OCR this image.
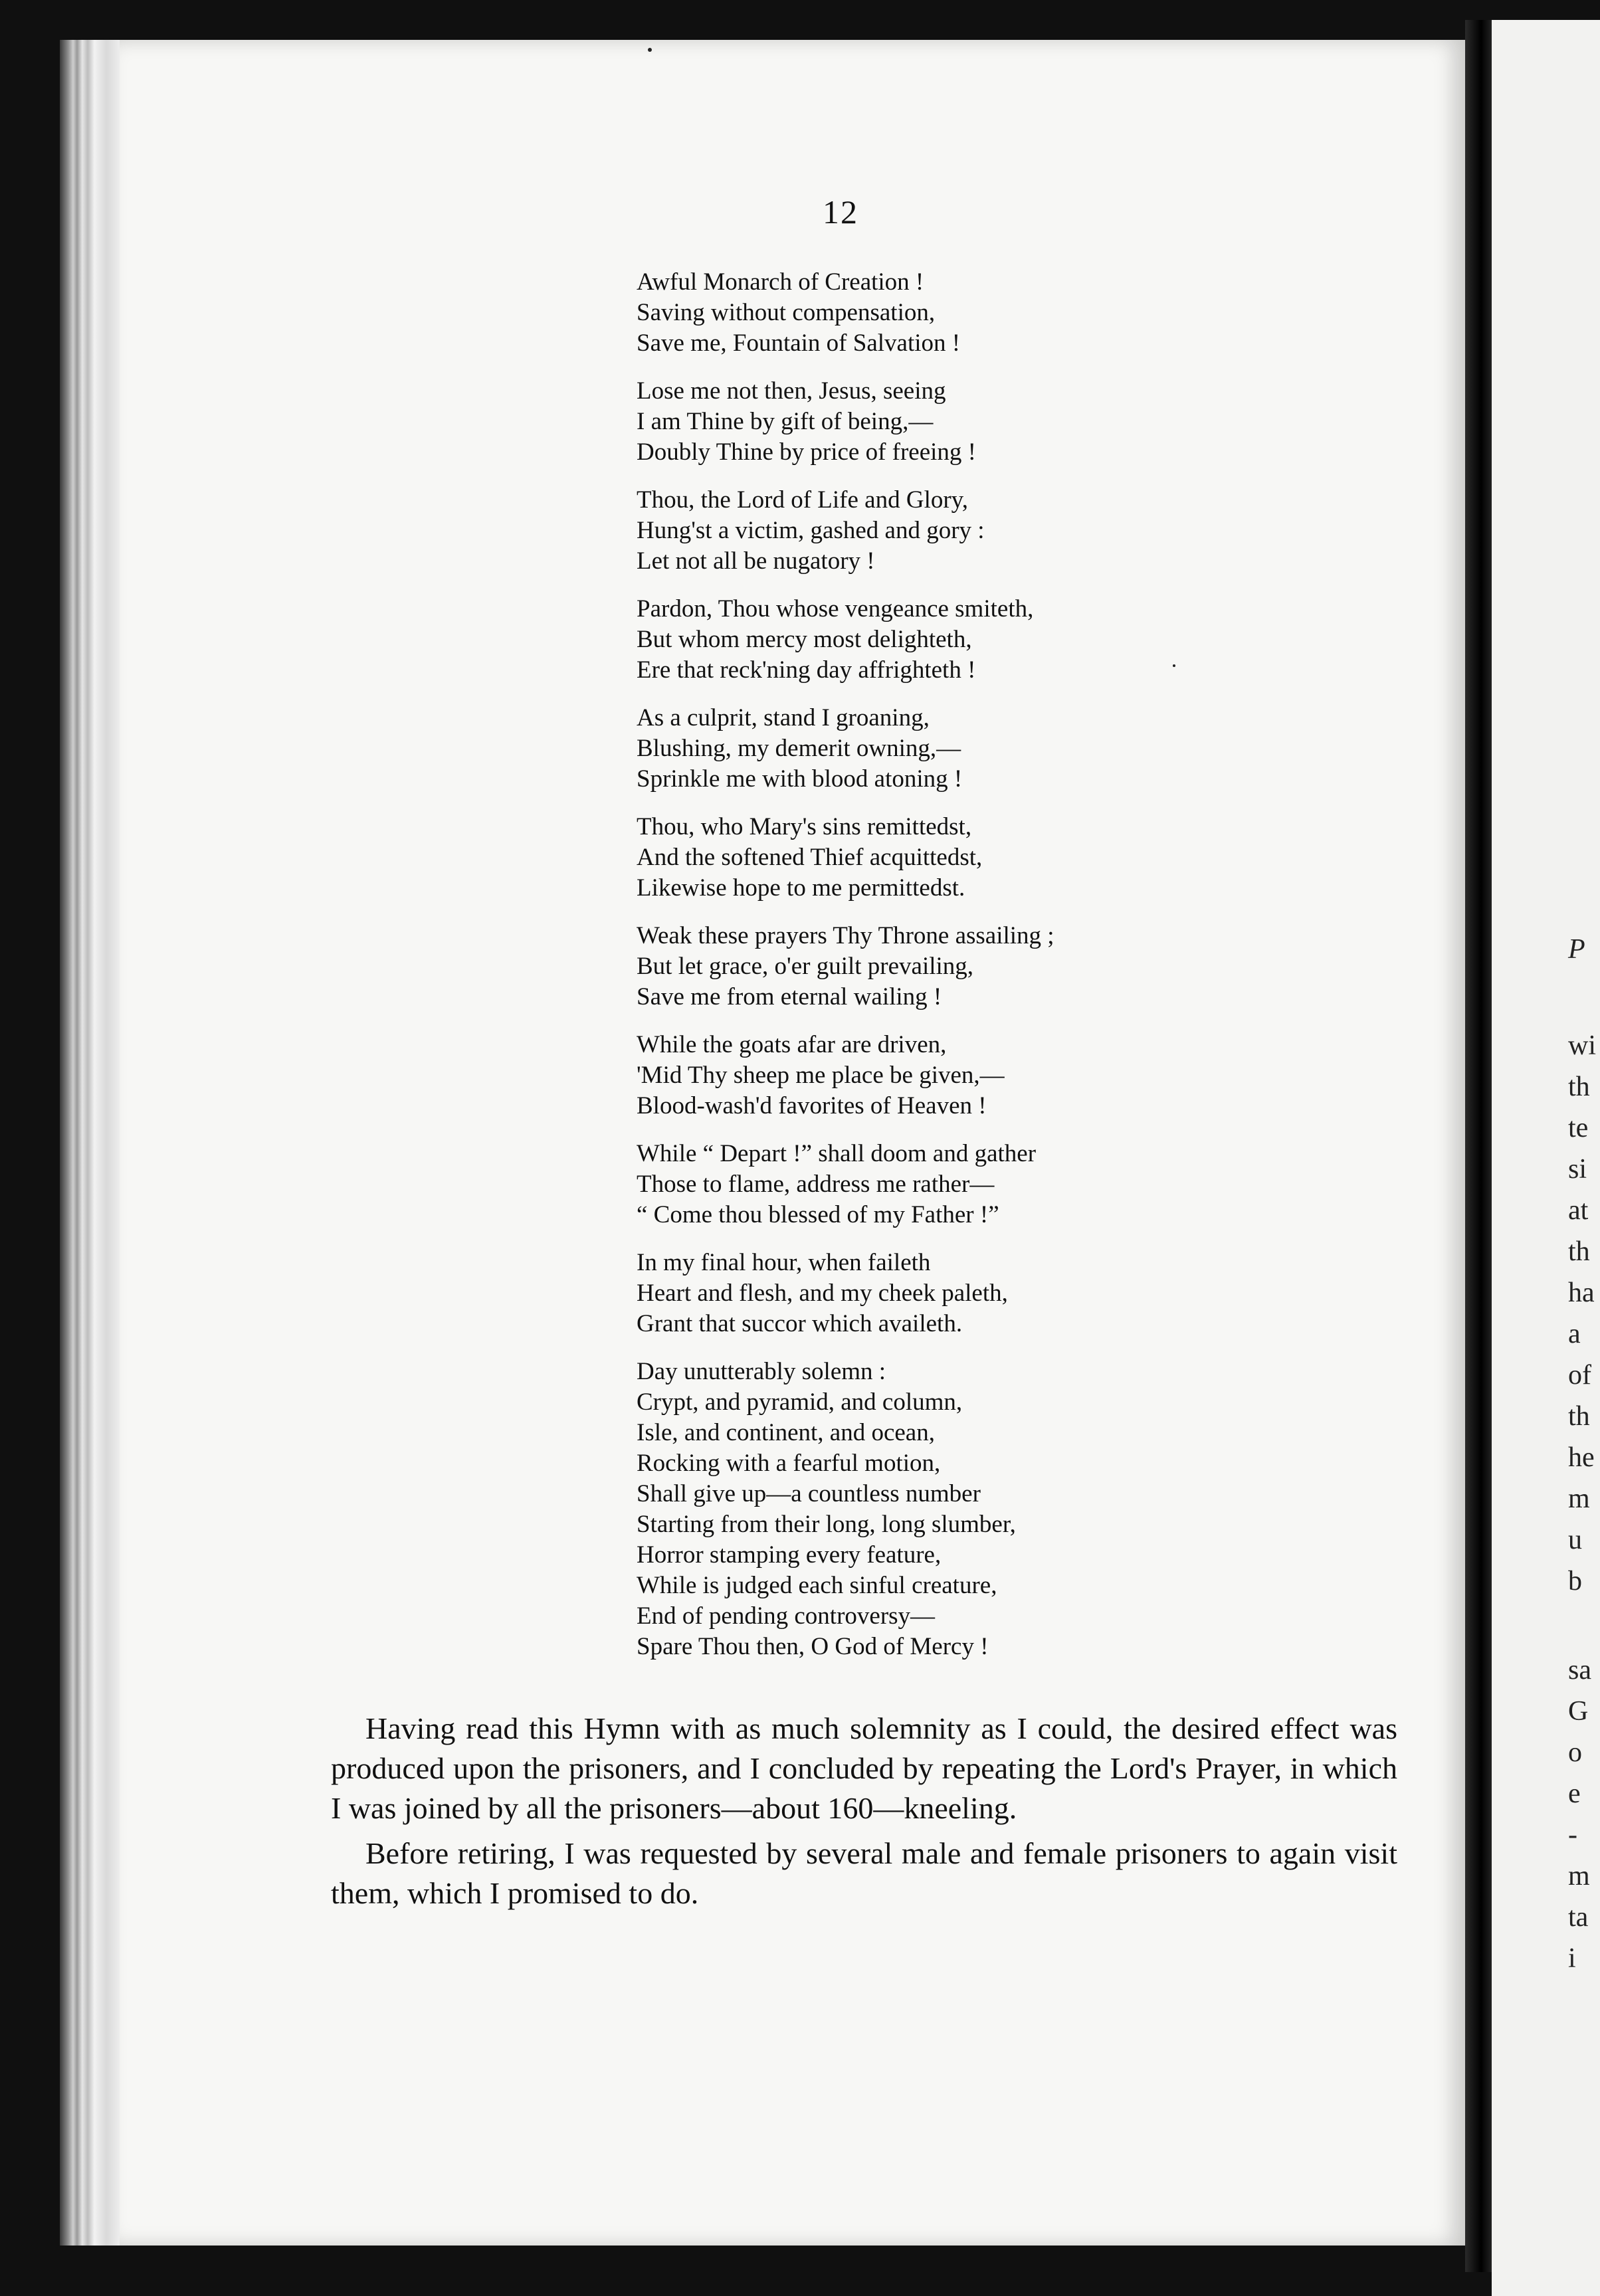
12
Awful Monarch of Creation !
Saving without compensation,
Save me, Fountain of Salvation !
Lose me not then, Jesus, seeing
I am Thine by gift of being,—
Doubly Thine by price of freeing !
Thou, the Lord of Life and Glory,
Hung'st a victim, gashed and gory :
Let not all be nugatory !
Pardon, Thou whose vengeance smiteth,
But whom mercy most delighteth,
Ere that reck'ning day affrighteth !
As a culprit, stand I groaning,
Blushing, my demerit owning,—
Sprinkle me with blood atoning !
Thou, who Mary's sins remittedst,
And the softened Thief acquittedst,
Likewise hope to me permittedst.
Weak these prayers Thy Throne assailing ;
But let grace, o'er guilt prevailing,
Save me from eternal wailing !
While the goats afar are driven,
'Mid Thy sheep me place be given,—
Blood-wash'd favorites of Heaven !
While “ Depart !” shall doom and gather
Those to flame, address me rather—
“ Come thou blessed of my Father !”
In my final hour, when faileth
Heart and flesh, and my cheek paleth,
Grant that succor which availeth.
Day unutterably solemn :
Crypt, and pyramid, and column,
Isle, and continent, and ocean,
Rocking with a fearful motion,
Shall give up—a countless number
Starting from their long, long slumber,
Horror stamping every feature,
While is judged each sinful creature,
End of pending controversy—
Spare Thou then, O God of Mercy !

Having read this Hymn with as much solemnity as I could, the desired effect was produced upon the prisoners, and I concluded by repeating the Lord's Prayer, in which I was joined by all the prisoners—about 160—kneeling.

Before retiring, I was requested by several male and female prisoners to again visit them, which I promised to do.

P
wi
th
te
si
at
th
ha
a
of
th
he
m
u
b
sa
G
o
e
-
m
ta
i
